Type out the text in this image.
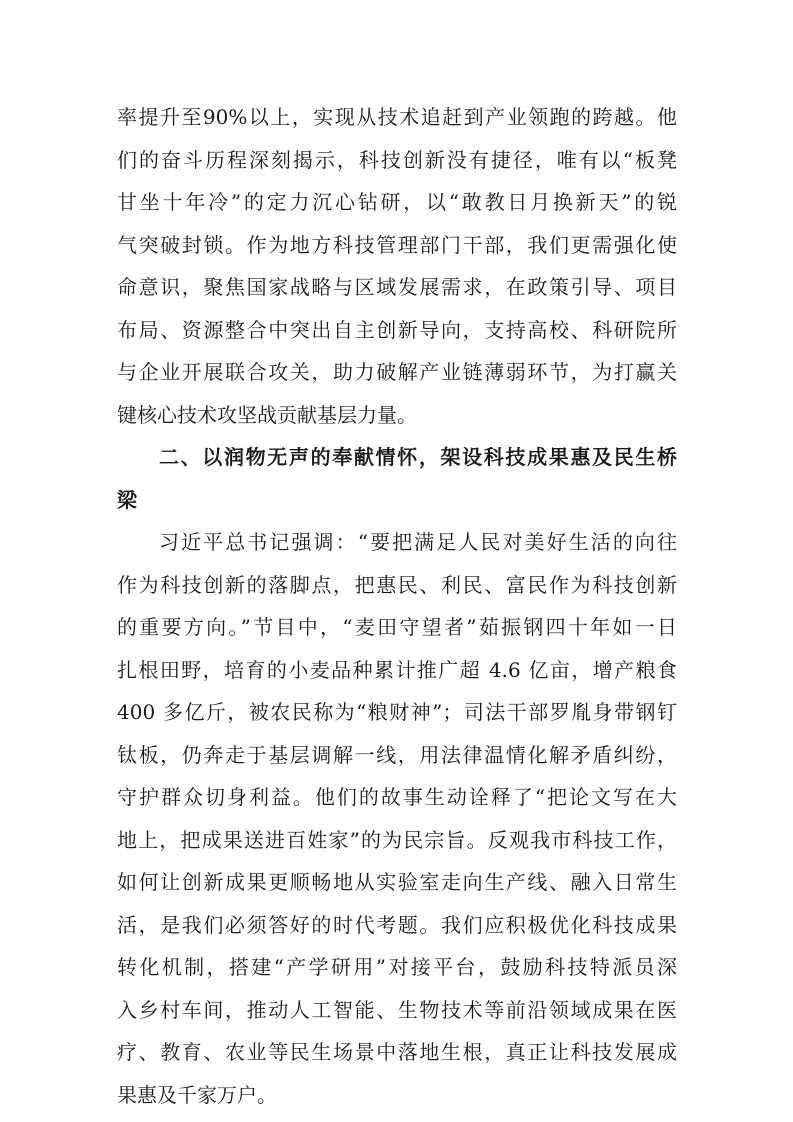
率提升至90%以上，实现从技术追赶到产业领跑的跨越。他
们的奋斗历程深刻揭示，科技创新没有捷径，唯有以“板凳
甘坐十年冷”的定力沉心钻研，以“敢教日月换新天”的锐
气突破封锁。作为地方科技管理部门干部，我们更需强化使
命意识，聚焦国家战略与区域发展需求，在政策引导、项目
布局、资源整合中突出自主创新导向，支持高校、科研院所
与企业开展联合攻关，助力破解产业链薄弱环节，为打赢关
键核心技术攻坚战贡献基层力量。
二、以润物无声的奉献情怀，架设科技成果惠及民生桥
梁
习近平总书记强调：“要把满足人民对美好生活的向往
作为科技创新的落脚点，把惠民、利民、富民作为科技创新
的重要方向。”节目中，“麦田守望者”茹振钢四十年如一日
扎根田野，培育的小麦品种累计推广超 4.6 亿亩，增产粮食
400 多亿斤，被农民称为“粮财神”；司法干部罗胤身带钢钉
钛板，仍奔走于基层调解一线，用法律温情化解矛盾纠纷，
守护群众切身利益。他们的故事生动诠释了“把论文写在大
地上，把成果送进百姓家”的为民宗旨。反观我市科技工作，
如何让创新成果更顺畅地从实验室走向生产线、融入日常生
活，是我们必须答好的时代考题。我们应积极优化科技成果
转化机制，搭建“产学研用”对接平台，鼓励科技特派员深
入乡村车间，推动人工智能、生物技术等前沿领域成果在医
疗、教育、农业等民生场景中落地生根，真正让科技发展成
果惠及千家万户。
